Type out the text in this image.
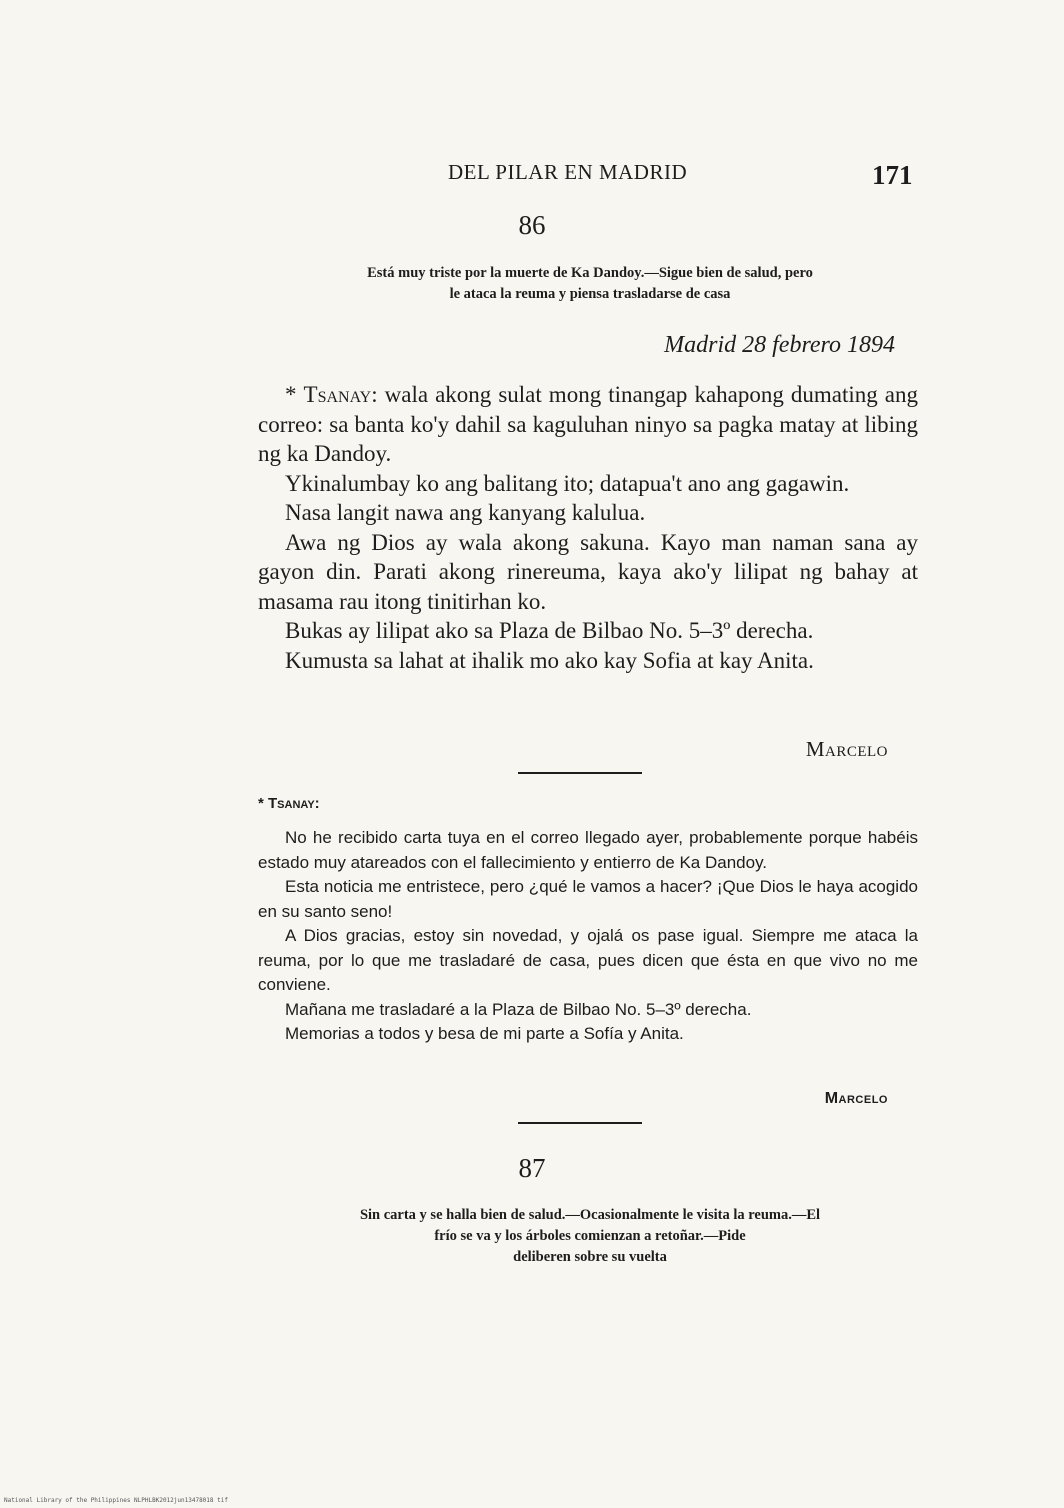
DEL PILAR EN MADRID	171
86
Está muy triste por la muerte de Ka Dandoy.—Sigue bien de salud, pero
le ataca la reuma y piensa trasladarse de casa
Madrid 28 febrero 1894

* Tsanay: wala akong sulat mong tinangap kahapong dumating ang correo: sa banta ko'y dahil sa kaguluhan ninyo sa pagka matay at libing ng ka Dandoy.

Ykinalumbay ko ang balitang ito; datapua't ano ang gagawin.

Nasa langit nawa ang kanyang kalulua.

Awa ng Dios ay wala akong sakuna. Kayo man naman sana ay gayon din. Parati akong rinereuma, kaya ako'y lilipat ng bahay at masama rau itong tinitirhan ko.

Bukas ay lilipat ako sa Plaza de Bilbao No. 5–3º derecha.

Kumusta sa lahat at ihalik mo ako kay Sofia at kay Anita.

Marcelo
* Tsanay:

No he recibido carta tuya en el correo llegado ayer, probablemente porque habéis estado muy atareados con el fallecimiento y entierro de Ka Dandoy.

Esta noticia me entristece, pero ¿qué le vamos a hacer? ¡Que Dios le haya acogido en su santo seno!

A Dios gracias, estoy sin novedad, y ojalá os pase igual. Siempre me ataca la reuma, por lo que me trasladaré de casa, pues dicen que ésta en que vivo no me conviene.

Mañana me trasladaré a la Plaza de Bilbao No. 5–3º derecha.

Memorias a todos y besa de mi parte a Sofía y Anita.

Marcelo
87
Sin carta y se halla bien de salud.—Ocasionalmente le visita la reuma.—El
frío se va y los árboles comienzan a retoñar.—Pide
deliberen sobre su vuelta
National Library of the Philippines NLPHLBK2012jun13478018 tif
